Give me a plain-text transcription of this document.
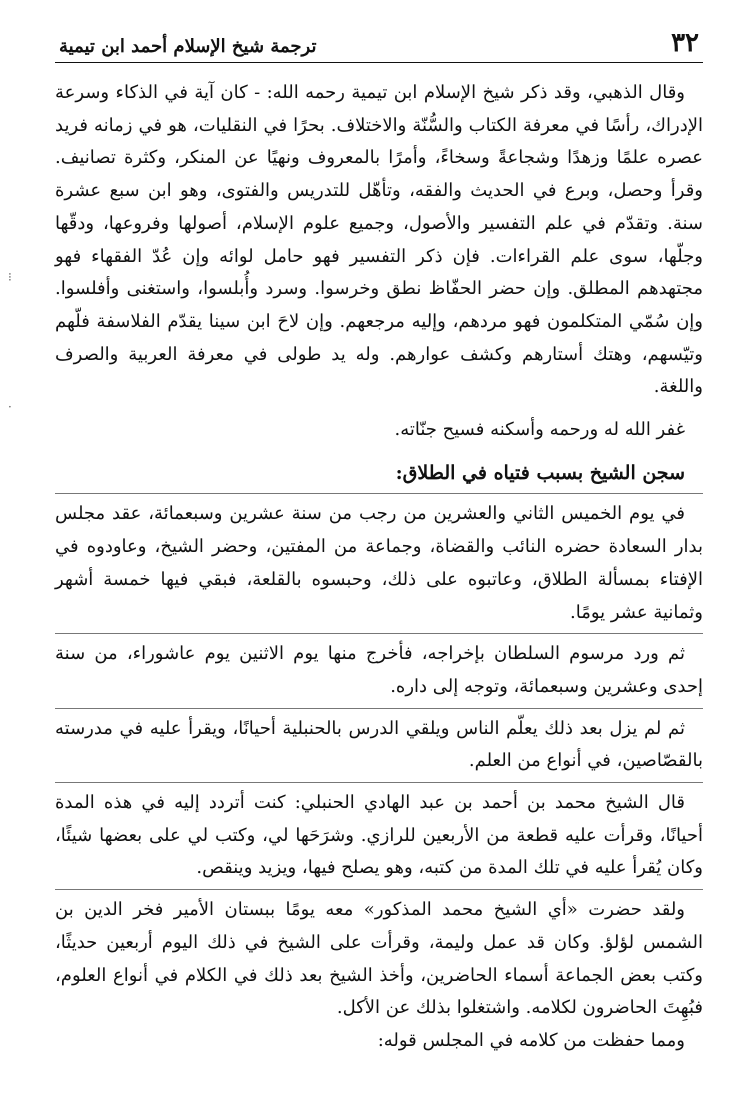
⁝
·
٣٢
ترجمة شيخ الإسلام أحمد ابن تيمية

وقال الذهبي، وقد ذكر شيخ الإسلام ابن تيمية رحمه الله: - كان آية في الذكاء وسرعة الإدراك، رأسًا في معرفة الكتاب والسُّنّة والاختلاف. بحرًا في النقليات، هو في زمانه فريد عصره علمًا وزهدًا وشجاعةً وسخاءً، وأمرًا بالمعروف ونهيًا عن المنكر، وكثرة تصانيف. وقرأ وحصل، وبرع في الحديث والفقه، وتأهّل للتدريس والفتوى، وهو ابن سبع عشرة سنة. وتقدّم في علم التفسير والأصول، وجميع علوم الإسلام، أصولها وفروعها، ودقّها وجلّها، سوى علم القراءات. فإن ذكر التفسير فهو حامل لوائه وإن عُدّ الفقهاء فهو مجتهدهم المطلق. وإن حضر الحفّاظ نطق وخرسوا. وسرد وأُبلسوا، واستغنى وأفلسوا. وإن سُمّي المتكلمون فهو مردهم، وإليه مرجعهم. وإن لاحَ ابن سينا يقدّم الفلاسفة فلّهم وتيّسهم، وهتك أستارهم وكشف عوارهم. وله يد طولى في معرفة العربية والصرف واللغة.

غفر الله له ورحمه وأسكنه فسيح جنّاته.

سجن الشيخ بسبب فتياه في الطلاق:

في يوم الخميس الثاني والعشرين من رجب من سنة عشرين وسبعمائة، عقد مجلس بدار السعادة حضره النائب والقضاة، وجماعة من المفتين، وحضر الشيخ، وعاودوه في الإفتاء بمسألة الطلاق، وعاتبوه على ذلك، وحبسوه بالقلعة، فبقي فيها خمسة أشهر وثمانية عشر يومًا.

ثم ورد مرسوم السلطان بإخراجه، فأخرج منها يوم الاثنين يوم عاشوراء، من سنة إحدى وعشرين وسبعمائة، وتوجه إلى داره.

ثم لم يزل بعد ذلك يعلّم الناس ويلقي الدرس بالحنبلية أحيانًا، ويقرأ عليه في مدرسته بالقصّاصين، في أنواع من العلم.

قال الشيخ محمد بن أحمد بن عبد الهادي الحنبلي: كنت أتردد إليه في هذه المدة أحيانًا، وقرأت عليه قطعة من الأربعين للرازي. وشرَحَها لي، وكتب لي على بعضها شيئًا، وكان يُقرأ عليه في تلك المدة من كتبه، وهو يصلح فيها، ويزيد وينقص.

ولقد حضرت «أي الشيخ محمد المذكور» معه يومًا ببستان الأمير فخر الدين بن الشمس لؤلؤ. وكان قد عمل وليمة، وقرأت على الشيخ في ذلك اليوم أربعين حديثًا، وكتب بعض الجماعة أسماء الحاضرين، وأخذ الشيخ بعد ذلك في الكلام في أنواع العلوم، فبُهِتَ الحاضرون لكلامه. واشتغلوا بذلك عن الأكل.

ومما حفظت من كلامه في المجلس قوله:
